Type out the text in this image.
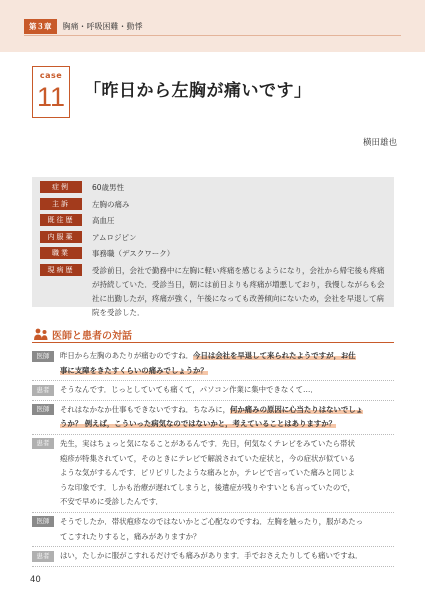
第３章	胸痛・呼吸困難・動悸
case
11 「昨日から左胸が痛いです」
横田雄也
症例	60歳男性
主訴	左胸の痛み
既往歴	高血圧
内服薬	アムロジピン
職業	事務職（デスクワーク）
現病歴	受診前日，会社で勤務中に左胸に軽い疼痛を感じるようになり，会社から帰宅後も疼痛
が持続していた．受診当日，朝には前日よりも疼痛が増悪しており，我慢しながらも会
社に出勤したが，疼痛が強く，午後になっても改善傾向にないため，会社を早退して病
院を受診した．
医師と患者の対話
医師	昨日から左胸のあたりが痛むのですね．今日は会社を早退して来られたようですが，お仕
事に支障をきたすくらいの痛みでしょうか？
患者	そうなんです．じっとしていても痛くて，パソコン作業に集中できなくて…．
医師	それはなかなか仕事もできないですね．ちなみに，何か痛みの原因に心当たりはないでしょ
うか？ 例えば，こういった病気なのではないかと，考えていることはありますか？
患者	先生，実はちょっと気になることがあるんです．先日，何気なくテレビをみていたら帯状
疱疹が特集されていて，そのときにテレビで解説されていた症状と，今の症状が似ている
ような気がするんです．ピリピリしたような痛みとか，テレビで言っていた痛みと同じよ
うな印象です．しかも治療が遅れてしまうと，後遺症が残りやすいとも言っていたので，
不安で早めに受診したんです．
医師	そうでしたか．帯状疱疹なのではないかとご心配なのですね．左胸を触ったり，服があたっ
てこすれたりすると，痛みがありますか？
患者	はい，たしかに服がこすれるだけでも痛みがあります．手でおさえたりしても痛いですね．
40
